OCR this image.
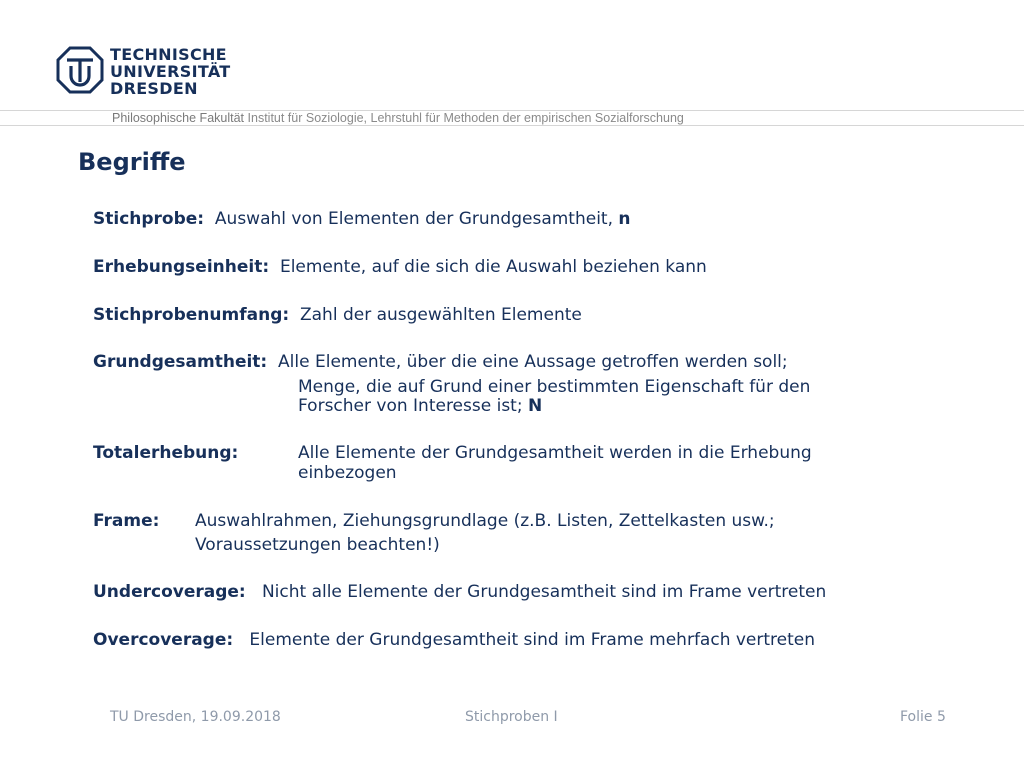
TECHNISCHE
UNIVERSITÄT
DRESDEN
Philosophische Fakultät Institut für Soziologie, Lehrstuhl für Methoden der empirischen Sozialforschung
Begriffe
Stichprobe: Auswahl von Elementen der Grundgesamtheit, n
Erhebungseinheit: Elemente, auf die sich die Auswahl beziehen kann
Stichprobenumfang: Zahl der ausgewählten Elemente
Grundgesamtheit: Alle Elemente, über die eine Aussage getroffen werden soll;
Menge, die auf Grund einer bestimmten Eigenschaft für den
Forscher von Interesse ist; N
Totalerhebung:	Alle Elemente der Grundgesamtheit werden in die Erhebung
einbezogen
Frame: Auswahlrahmen, Ziehungsgrundlage (z.B. Listen, Zettelkasten usw.;
Voraussetzungen beachten!)
Undercoverage: Nicht alle Elemente der Grundgesamtheit sind im Frame vertreten
Overcoverage: Elemente der Grundgesamtheit sind im Frame mehrfach vertreten
TU Dresden, 19.09.2018	Stichproben I	Folie 5
